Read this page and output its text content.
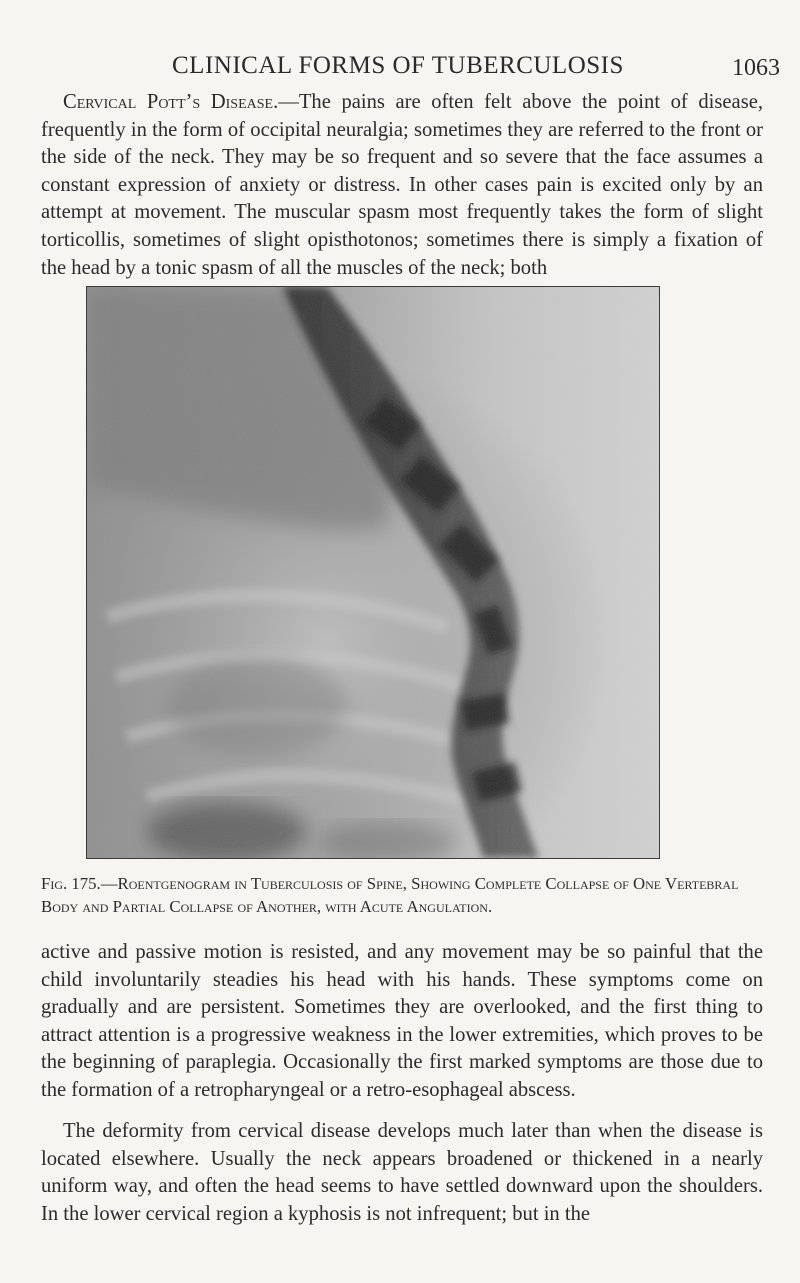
CLINICAL FORMS OF TUBERCULOSIS	1063

Cervical Pott’s Disease.—The pains are often felt above the point of disease, frequently in the form of occipital neuralgia; sometimes they are referred to the front or the side of the neck. They may be so frequent and so severe that the face assumes a constant expression of anxiety or distress. In other cases pain is excited only by an attempt at movement. The muscular spasm most frequently takes the form of slight torticollis, sometimes of slight opisthotonos; sometimes there is simply a fixation of the head by a tonic spasm of all the muscles of the neck; both

Fig. 175.—Roentgenogram in Tuberculosis of Spine, Showing Complete Collapse of One Vertebral Body and Partial Collapse of Another, with Acute Angulation.

active and passive motion is resisted, and any movement may be so painful that the child involuntarily steadies his head with his hands. These symptoms come on gradually and are persistent. Sometimes they are overlooked, and the first thing to attract attention is a progressive weakness in the lower extremities, which proves to be the beginning of paraplegia. Occasionally the first marked symptoms are those due to the formation of a retropharyngeal or a retro-esophageal abscess.

The deformity from cervical disease develops much later than when the disease is located elsewhere. Usually the neck appears broadened or thickened in a nearly uniform way, and often the head seems to have settled downward upon the shoulders. In the lower cervical region a kyphosis is not infrequent; but in the
